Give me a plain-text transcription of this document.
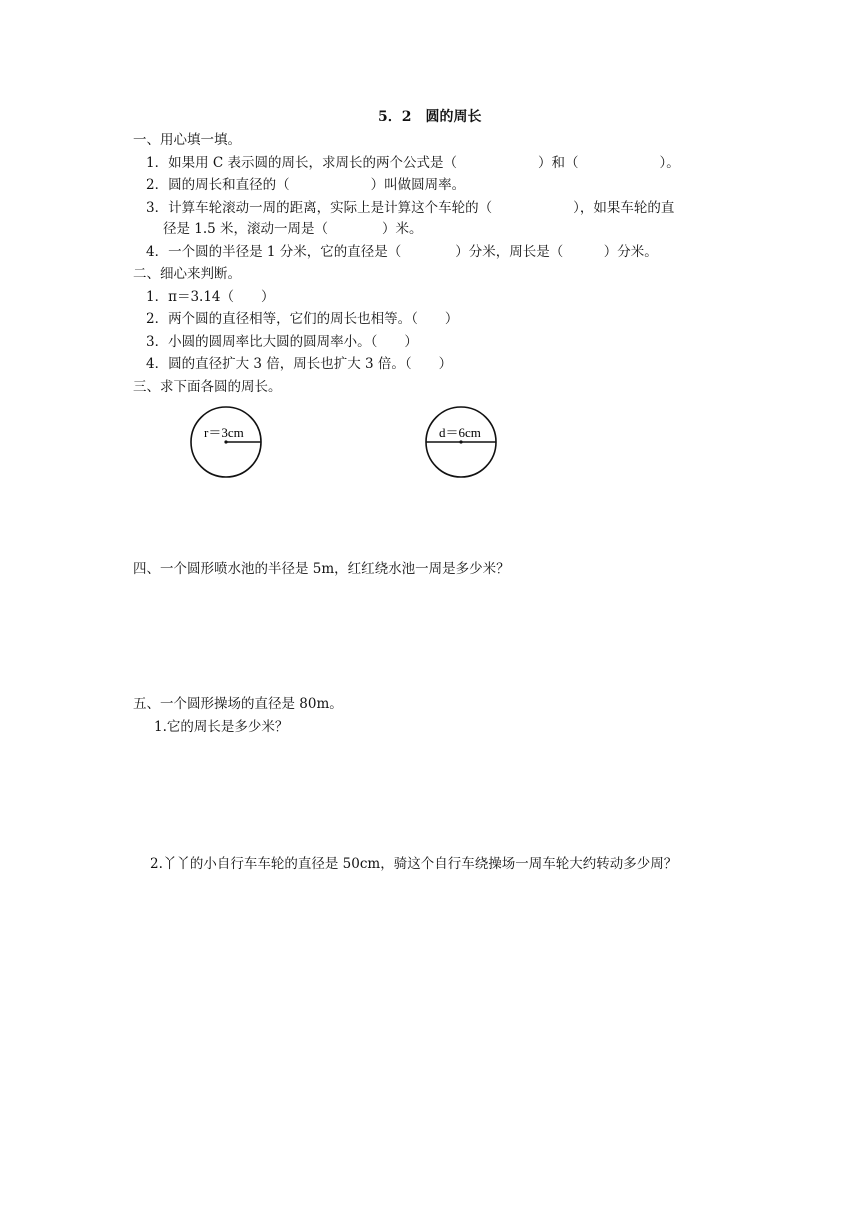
5．2　圆的周长
一、用心填一填。
1．如果用 C 表示圆的周长，求周长的两个公式是（　　　　　　）和（　　　　　　）。
2．圆的周长和直径的（　　　　　　）叫做圆周率。
3．计算车轮滚动一周的距离，实际上是计算这个车轮的（　　　　　　），如果车轮的直
径是 1.5 米，滚动一周是（　　　　）米。
4．一个圆的半径是 1 分米，它的直径是（　　　　）分米，周长是（　　　）分米。
二、细心来判断。
1．π＝3.14（　　）
2．两个圆的直径相等，它们的周长也相等。（　　）
3．小圆的圆周率比大圆的圆周率小。（　　）
4．圆的直径扩大 3 倍，周长也扩大 3 倍。（　　）
三、求下面各圆的周长。
r＝3cm	d＝6cm
四、一个圆形喷水池的半径是 5m，红红绕水池一周是多少米？
五、一个圆形操场的直径是 80m。
1.它的周长是多少米？
2.丫丫的小自行车车轮的直径是 50cm，骑这个自行车绕操场一周车轮大约转动多少周？
